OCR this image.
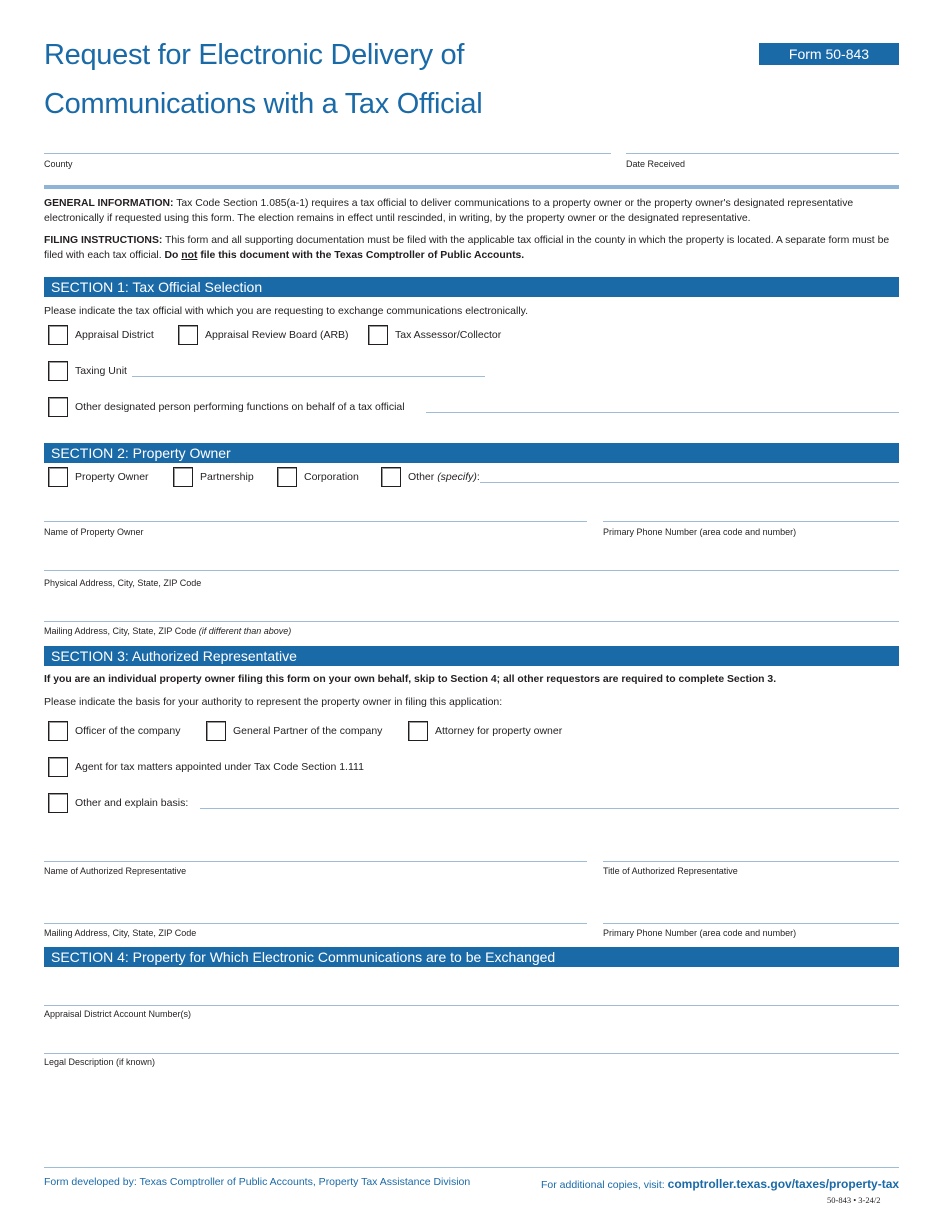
Request for Electronic Delivery of
Communications with a Tax Official
Form 50-843
County	Date Received
GENERAL INFORMATION: Tax Code Section 1.085(a-1) requires a tax official to deliver communications to a property owner or the property owner's designated representative electronically if requested using this form. The election remains in effect until rescinded, in writing, by the property owner or the designated representative.
FILING INSTRUCTIONS: This form and all supporting documentation must be filed with the applicable tax official in the county in which the property is located. A separate form must be filed with each tax official. Do not file this document with the Texas Comptroller of Public Accounts.
SECTION 1: Tax Official Selection
Please indicate the tax official with which you are requesting to exchange communications electronically.
Appraisal District	Appraisal Review Board (ARB)	Tax Assessor/Collector
Taxing Unit
Other designated person performing functions on behalf of a tax official
SECTION 2: Property Owner
Property Owner	Partnership	Corporation	Other (specify):
Name of Property Owner	Primary Phone Number (area code and number)
Physical Address, City, State, ZIP Code
Mailing Address, City, State, ZIP Code (if different than above)
SECTION 3: Authorized Representative
If you are an individual property owner filing this form on your own behalf, skip to Section 4; all other requestors are required to complete Section 3.
Please indicate the basis for your authority to represent the property owner in filing this application:
Officer of the company	General Partner of the company	Attorney for property owner
Agent for tax matters appointed under Tax Code Section 1.111
Other and explain basis:
Name of Authorized Representative	Title of Authorized Representative
Mailing Address, City, State, ZIP Code	Primary Phone Number (area code and number)
SECTION 4: Property for Which Electronic Communications are to be Exchanged
Appraisal District Account Number(s)
Legal Description (if known)
Form developed by: Texas Comptroller of Public Accounts, Property Tax Assistance Division	For additional copies, visit: comptroller.texas.gov/taxes/property-tax
50-843 • 3-24/2
